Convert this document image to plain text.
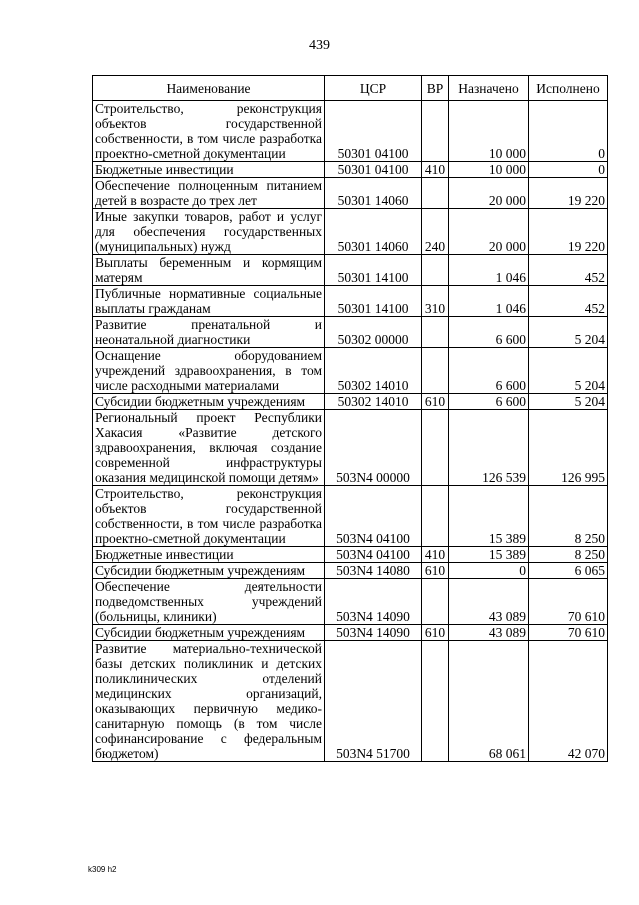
439
Наименование	ЦСР	ВР	Назначено	Исполнено
Строительство, реконструкция объектов государственной собственности, в том числе разработка проектно-сметной документации	50301 04100		10 000	0
Бюджетные инвестиции	50301 04100	410	10 000	0
Обеспечение полноценным питанием детей в возрасте до трех лет	50301 14060		20 000	19 220
Иные закупки товаров, работ и услуг для обеспечения государственных (муниципальных) нужд	50301 14060	240	20 000	19 220
Выплаты беременным и кормящим матерям	50301 14100		1 046	452
Публичные нормативные социальные выплаты гражданам	50301 14100	310	1 046	452
Развитие пренатальной и неонатальной диагностики	50302 00000		6 600	5 204
Оснащение оборудованием учреждений здравоохранения, в том числе расходными материалами	50302 14010		6 600	5 204
Субсидии бюджетным учреждениям	50302 14010	610	6 600	5 204
Региональный проект Республики Хакасия «Развитие детского здравоохранения, включая создание современной инфраструктуры оказания медицинской помощи детям»	503N4 00000		126 539	126 995
Строительство, реконструкция объектов государственной собственности, в том числе разработка проектно-сметной документации	503N4 04100		15 389	8 250
Бюджетные инвестиции	503N4 04100	410	15 389	8 250
Субсидии бюджетным учреждениям	503N4 14080	610	0	6 065
Обеспечение деятельности подведомственных учреждений (больницы, клиники)	503N4 14090		43 089	70 610
Субсидии бюджетным учреждениям	503N4 14090	610	43 089	70 610
Развитие материально-технической базы детских поликлиник и детских поликлинических отделений медицинских организаций, оказывающих первичную медико-санитарную помощь (в том числе софинансирование с федеральным бюджетом)	503N4 51700		68 061	42 070
k309 h2
